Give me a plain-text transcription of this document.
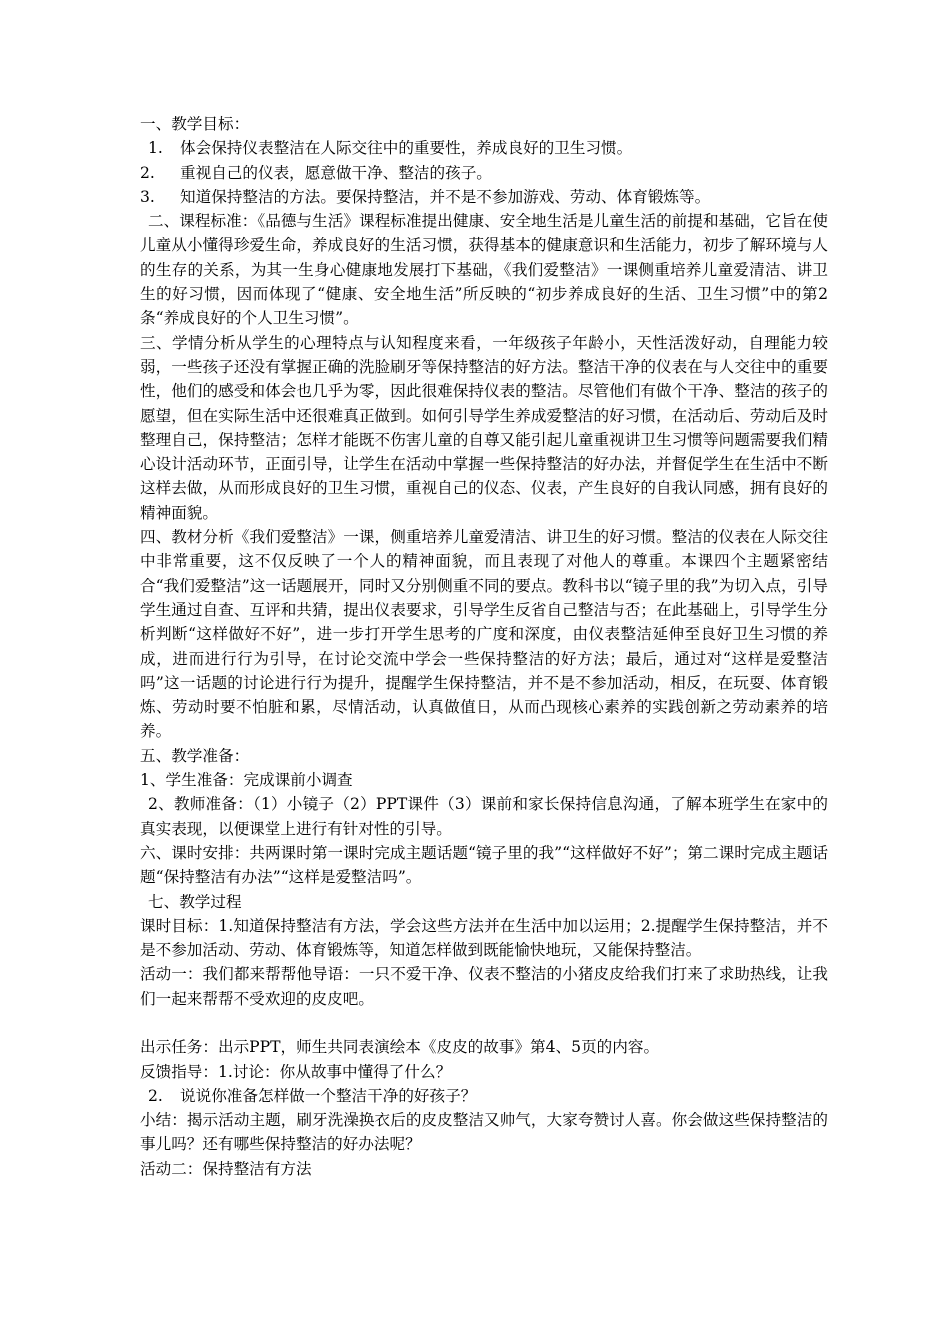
一、教学目标：
1.	体会保持仪表整洁在人际交往中的重要性，养成良好的卫生习惯。
2.	重视自己的仪表，愿意做干净、整洁的孩子。
3.	知道保持整洁的方法。要保持整洁，并不是不参加游戏、劳动、体育锻炼等。
二、课程标准：《品德与生活》课程标准提出健康、安全地生活是儿童生活的前提和基础，它旨在使儿童从小懂得珍爱生命，养成良好的生活习惯，获得基本的健康意识和生活能力，初步了解环境与人的生存的关系，为其一生身心健康地发展打下基础，《我们爱整洁》一课侧重培养儿童爱清洁、讲卫生的好习惯，因而体现了“健康、安全地生活”所反映的“初步养成良好的生活、卫生习惯”中的第2条“养成良好的个人卫生习惯”。
三、学情分析从学生的心理特点与认知程度来看，一年级孩子年龄小，天性活泼好动，自理能力较弱，一些孩子还没有掌握正确的洗脸刷牙等保持整洁的好方法。整洁干净的仪表在与人交往中的重要性，他们的感受和体会也几乎为零，因此很难保持仪表的整洁。尽管他们有做个干净、整洁的孩子的愿望，但在实际生活中还很难真正做到。如何引导学生养成爱整洁的好习惯，在活动后、劳动后及时整理自己，保持整洁；怎样才能既不伤害儿童的自尊又能引起儿童重视讲卫生习惯等问题需要我们精心设计活动环节，正面引导，让学生在活动中掌握一些保持整洁的好办法，并督促学生在生活中不断这样去做，从而形成良好的卫生习惯，重视自己的仪态、仪表，产生良好的自我认同感，拥有良好的精神面貌。
四、教材分析《我们爱整洁》一课，侧重培养儿童爱清洁、讲卫生的好习惯。整洁的仪表在人际交往中非常重要，这不仅反映了一个人的精神面貌，而且表现了对他人的尊重。本课四个主题紧密结合“我们爱整洁”这一话题展开，同时又分别侧重不同的要点。教科书以“镜子里的我”为切入点，引导学生通过自查、互评和共猜，提出仪表要求，引导学生反省自己整洁与否；在此基础上，引导学生分析判断“这样做好不好”，进一步打开学生思考的广度和深度，由仪表整洁延伸至良好卫生习惯的养成，进而进行行为引导，在讨论交流中学会一些保持整洁的好方法；最后，通过对“这样是爱整洁吗”这一话题的讨论进行行为提升，提醒学生保持整洁，并不是不参加活动，相反，在玩耍、体育锻炼、劳动时要不怕脏和累，尽情活动，认真做值日，从而凸现核心素养的实践创新之劳动素养的培养。
五、教学准备：
1、学生准备：完成课前小调查
2、教师准备：（1）小镜子（2）PPT课件（3）课前和家长保持信息沟通，了解本班学生在家中的真实表现，以便课堂上进行有针对性的引导。
六、课时安排：共两课时第一课时完成主题话题“镜子里的我”“这样做好不好”；第二课时完成主题话题“保持整洁有办法”“这样是爱整洁吗”。
七、教学过程
课时目标：1.知道保持整洁有方法，学会这些方法并在生活中加以运用；2.提醒学生保持整洁，并不是不参加活动、劳动、体育锻炼等，知道怎样做到既能愉快地玩，又能保持整洁。
活动一：我们都来帮帮他导语：一只不爱干净、仪表不整洁的小猪皮皮给我们打来了求助热线，让我们一起来帮帮不受欢迎的皮皮吧。
出示任务：出示PPT，师生共同表演绘本《皮皮的故事》第4、5页的内容。
反馈指导：1.讨论：你从故事中懂得了什么？
2.	说说你准备怎样做一个整洁干净的好孩子？
小结：揭示活动主题，刷牙洗澡换衣后的皮皮整洁又帅气，大家夸赞讨人喜。你会做这些保持整洁的事儿吗？还有哪些保持整洁的好办法呢？
活动二：保持整洁有方法
